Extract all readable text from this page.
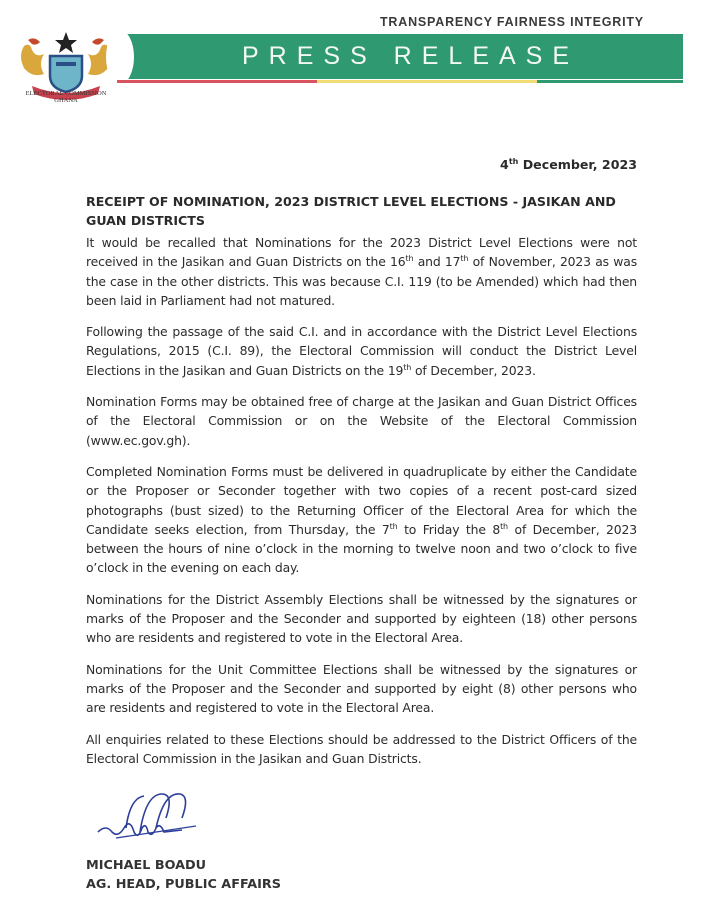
TRANSPARENCY FAIRNESS INTEGRITY
ELECTORAL COMMISSION
GHANA
PRESS RELEASE
4th December, 2023
RECEIPT OF NOMINATION, 2023 DISTRICT LEVEL ELECTIONS - JASIKAN AND GUAN DISTRICTS

It would be recalled that Nominations for the 2023 District Level Elections were not received in the Jasikan and Guan Districts on the 16th and 17th of November, 2023 as was the case in the other districts. This was because C.I. 119 (to be Amended) which had then been laid in Parliament had not matured.

Following the passage of the said C.I. and in accordance with the District Level Elections Regulations, 2015 (C.I. 89), the Electoral Commission will conduct the District Level Elections in the Jasikan and Guan Districts on the 19th of December, 2023.

Nomination Forms may be obtained free of charge at the Jasikan and Guan District Offices of the Electoral Commission or on the Website of the Electoral Commission (www.ec.gov.gh).

Completed Nomination Forms must be delivered in quadruplicate by either the Candidate or the Proposer or Seconder together with two copies of a recent post-card sized photographs (bust sized) to the Returning Officer of the Electoral Area for which the Candidate seeks election, from Thursday, the 7th to Friday the 8th of December, 2023 between the hours of nine o’clock in the morning to twelve noon and two o’clock to five o’clock in the evening on each day.

Nominations for the District Assembly Elections shall be witnessed by the signatures or marks of the Proposer and the Seconder and supported by eighteen (18) other persons who are residents and registered to vote in the Electoral Area.

Nominations for the Unit Committee Elections shall be witnessed by the signatures or marks of the Proposer and the Seconder and supported by eight (8) other persons who are residents and registered to vote in the Electoral Area.

All enquiries related to these Elections should be addressed to the District Officers of the Electoral Commission in the Jasikan and Guan Districts.

MICHAEL BOADU
AG. HEAD, PUBLIC AFFAIRS
